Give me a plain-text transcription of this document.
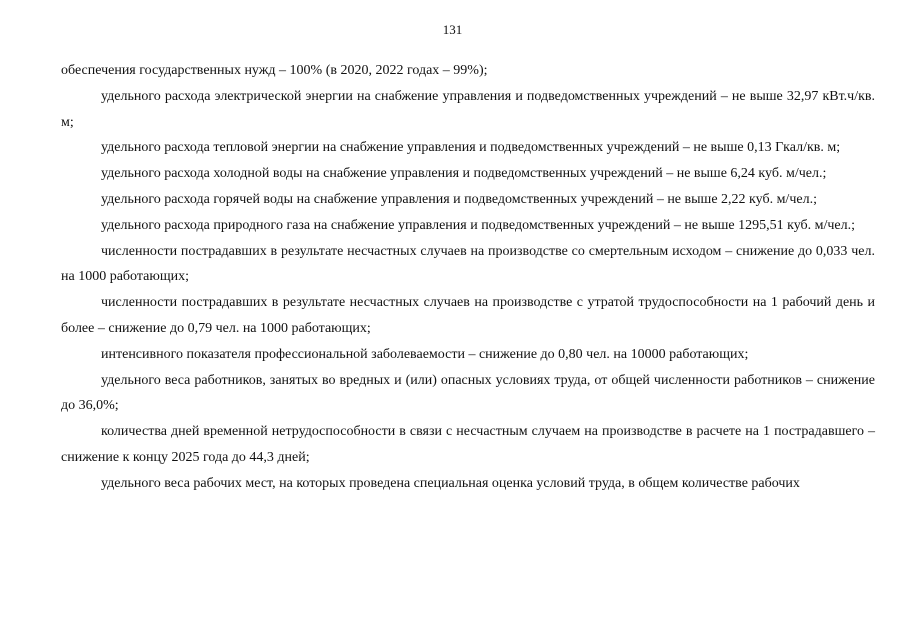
131

обеспечения государственных нужд – 100% (в 2020, 2022 годах – 99%);

удельного расхода электрической энергии на снабжение управления и подведомственных учреждений – не выше 32,97 кВт.ч/кв. м;

удельного расхода тепловой энергии на снабжение управления и подведомственных учреждений – не выше 0,13 Гкал/кв. м;

удельного расхода холодной воды на снабжение управления и подведомственных учреждений – не выше 6,24 куб. м/чел.;

удельного расхода горячей воды на снабжение управления и подведомственных учреждений – не выше 2,22 куб. м/чел.;

удельного расхода природного газа на снабжение управления и подведомственных учреждений – не выше 1295,51 куб. м/чел.;

численности пострадавших в результате несчастных случаев на производстве со смертельным исходом – снижение до 0,033 чел. на 1000 работающих;

численности пострадавших в результате несчастных случаев на производстве с утратой трудоспособности на 1 рабочий день и более – снижение до 0,79 чел. на 1000 работающих;

интенсивного показателя профессиональной заболеваемости – снижение до 0,80 чел. на 10000 работающих;

удельного веса работников, занятых во вредных и (или) опасных условиях труда, от общей численности работников – снижение до 36,0%;

количества дней временной нетрудоспособности в связи с несчастным случаем на производстве в расчете на 1 пострадавшего – снижение к концу 2025 года до 44,3 дней;

удельного веса рабочих мест, на которых проведена специальная оценка условий труда, в общем количестве рабочих
